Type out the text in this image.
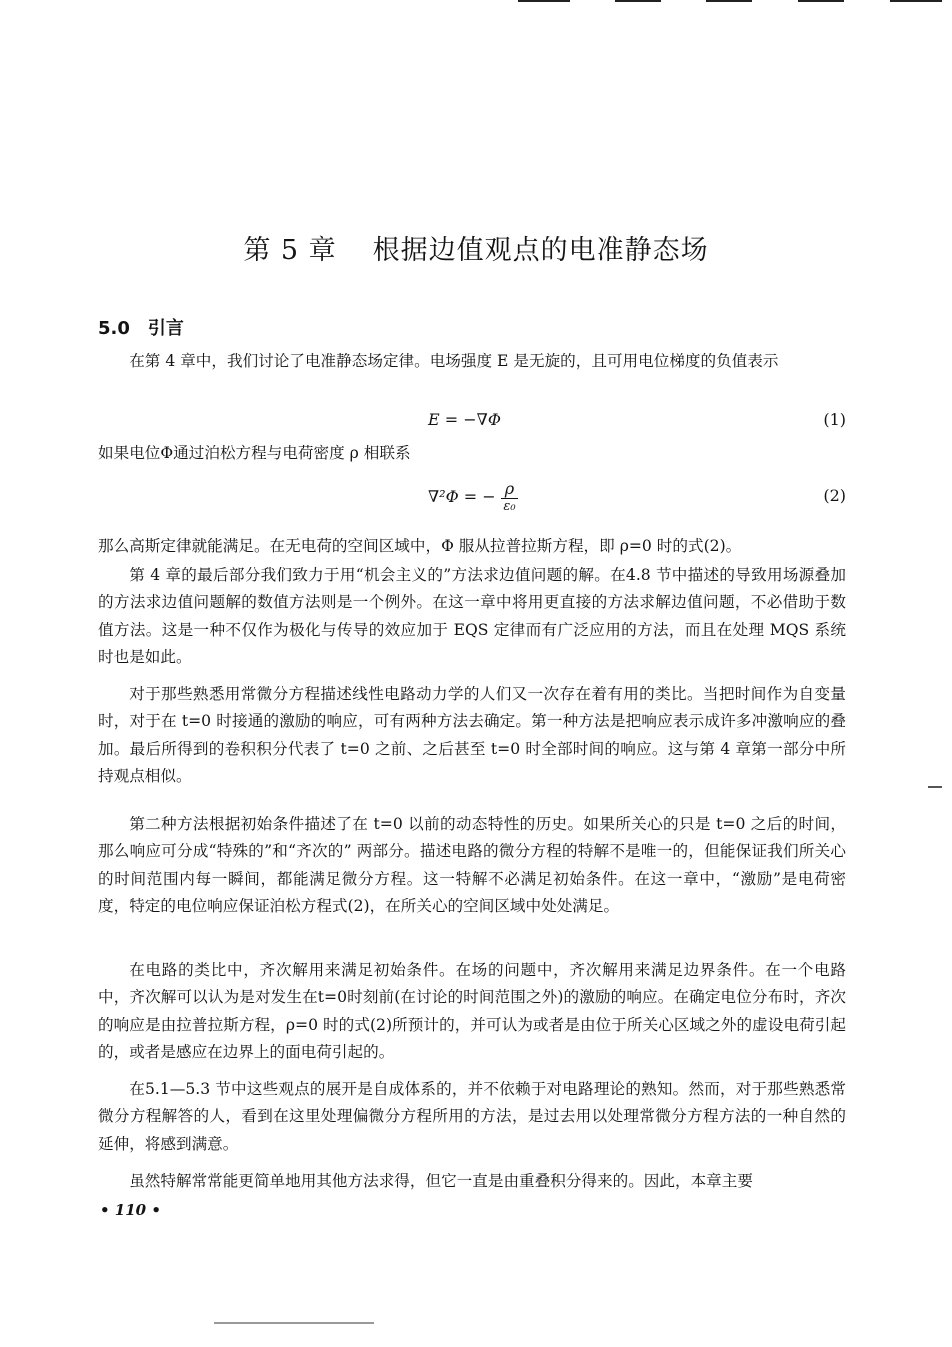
第 5 章 根据边值观点的电准静态场
5.0 引言

在第 4 章中，我们讨论了电准静态场定律。电场强度 E 是无旋的，且可用电位梯度的负值表示

E = −∇Φ	(1)

如果电位Φ通过泊松方程与电荷密度 ρ 相联系

∇²Φ = − $\frac{\rho}{\text{ε₀}}$	(2)

那么高斯定律就能满足。在无电荷的空间区域中，Φ 服从拉普拉斯方程，即 ρ=0 时的式(2)。

第 4 章的最后部分我们致力于用“机会主义的”方法求边值问题的解。在4.8 节中描述的导致用场源叠加的方法求边值问题解的数值方法则是一个例外。在这一章中将用更直接的方法求解边值问题，不必借助于数值方法。这是一种不仅作为极化与传导的效应加于 EQS 定律而有广泛应用的方法，而且在处理 MQS 系统时也是如此。

对于那些熟悉用常微分方程描述线性电路动力学的人们又一次存在着有用的类比。当把时间作为自变量时，对于在 t=0 时接通的激励的响应，可有两种方法去确定。第一种方法是把响应表示成许多冲激响应的叠加。最后所得到的卷积积分代表了 t=0 之前、之后甚至 t=0 时全部时间的响应。这与第 4 章第一部分中所持观点相似。

第二种方法根据初始条件描述了在 t=0 以前的动态特性的历史。如果所关心的只是 t=0 之后的时间，那么响应可分成“特殊的”和“齐次的” 两部分。描述电路的微分方程的特解不是唯一的，但能保证我们所关心的时间范围内每一瞬间，都能满足微分方程。这一特解不必满足初始条件。在这一章中，“激励”是电荷密度，特定的电位响应保证泊松方程式(2)，在所关心的空间区域中处处满足。

在电路的类比中，齐次解用来满足初始条件。在场的问题中，齐次解用来满足边界条件。在一个电路中，齐次解可以认为是对发生在t=0时刻前(在讨论的时间范围之外)的激励的响应。在确定电位分布时，齐次的响应是由拉普拉斯方程，ρ=0 时的式(2)所预计的，并可认为或者是由位于所关心区域之外的虚设电荷引起的，或者是感应在边界上的面电荷引起的。

在5.1—5.3 节中这些观点的展开是自成体系的，并不依赖于对电路理论的熟知。然而，对于那些熟悉常微分方程解答的人，看到在这里处理偏微分方程所用的方法，是过去用以处理常微分方程方法的一种自然的延伸，将感到满意。

虽然特解常常能更简单地用其他方法求得，但它一直是由重叠积分得来的。因此，本章主要

• 110 •
